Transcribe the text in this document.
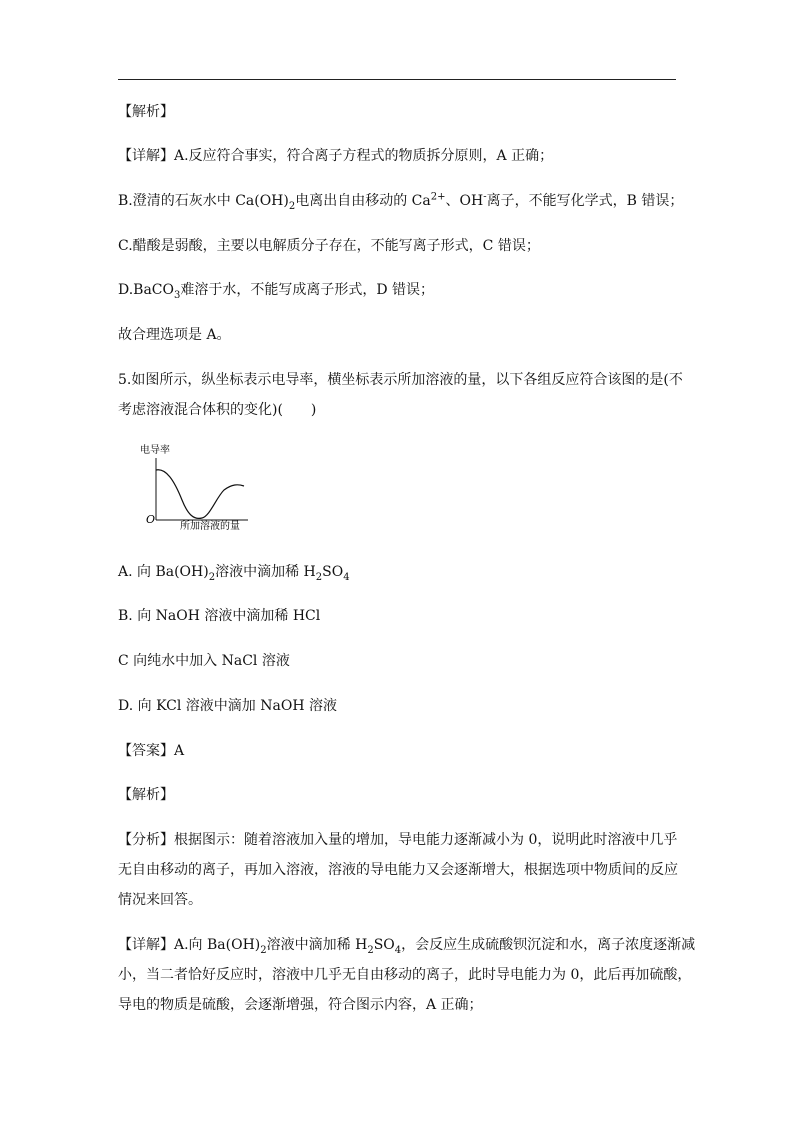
【解析】
【详解】A.反应符合事实，符合离子方程式的物质拆分原则，A 正确；
B.澄清的石灰水中 $Ca(OH)_2$电离出自由移动的 $Ca^{2+}$、OH-离子，不能写化学式，B 错误；
C.醋酸是弱酸，主要以电解质分子存在，不能写离子形式，C 错误；
D.BaCO$_3$难溶于水，不能写成离子形式，D 错误；
故合理选项是 A。
5.如图所示，纵坐标表示电导率，横坐标表示所加溶液的量，以下各组反应符合该图的是(不
考虑溶液混合体积的变化)(　　)
电导率
O
所加溶液的量
A. 向 $Ba(OH)_2$溶液中滴加稀 $H_2SO_4$
B. 向 NaOH 溶液中滴加稀 HCl
C 向纯水中加入 NaCl 溶液
D. 向 KCl 溶液中滴加 NaOH 溶液
【答案】A
【解析】
【分析】根据图示：随着溶液加入量的增加，导电能力逐渐减小为 0，说明此时溶液中几乎
无自由移动的离子，再加入溶液，溶液的导电能力又会逐渐增大，根据选项中物质间的反应
情况来回答。
【详解】A.向 $Ba(OH)_2$溶液中滴加稀 $H_2SO_4$，会反应生成硫酸钡沉淀和水，离子浓度逐渐减
小，当二者恰好反应时，溶液中几乎无自由移动的离子，此时导电能力为 0，此后再加硫酸，
导电的物质是硫酸，会逐渐增强，符合图示内容，A 正确；
